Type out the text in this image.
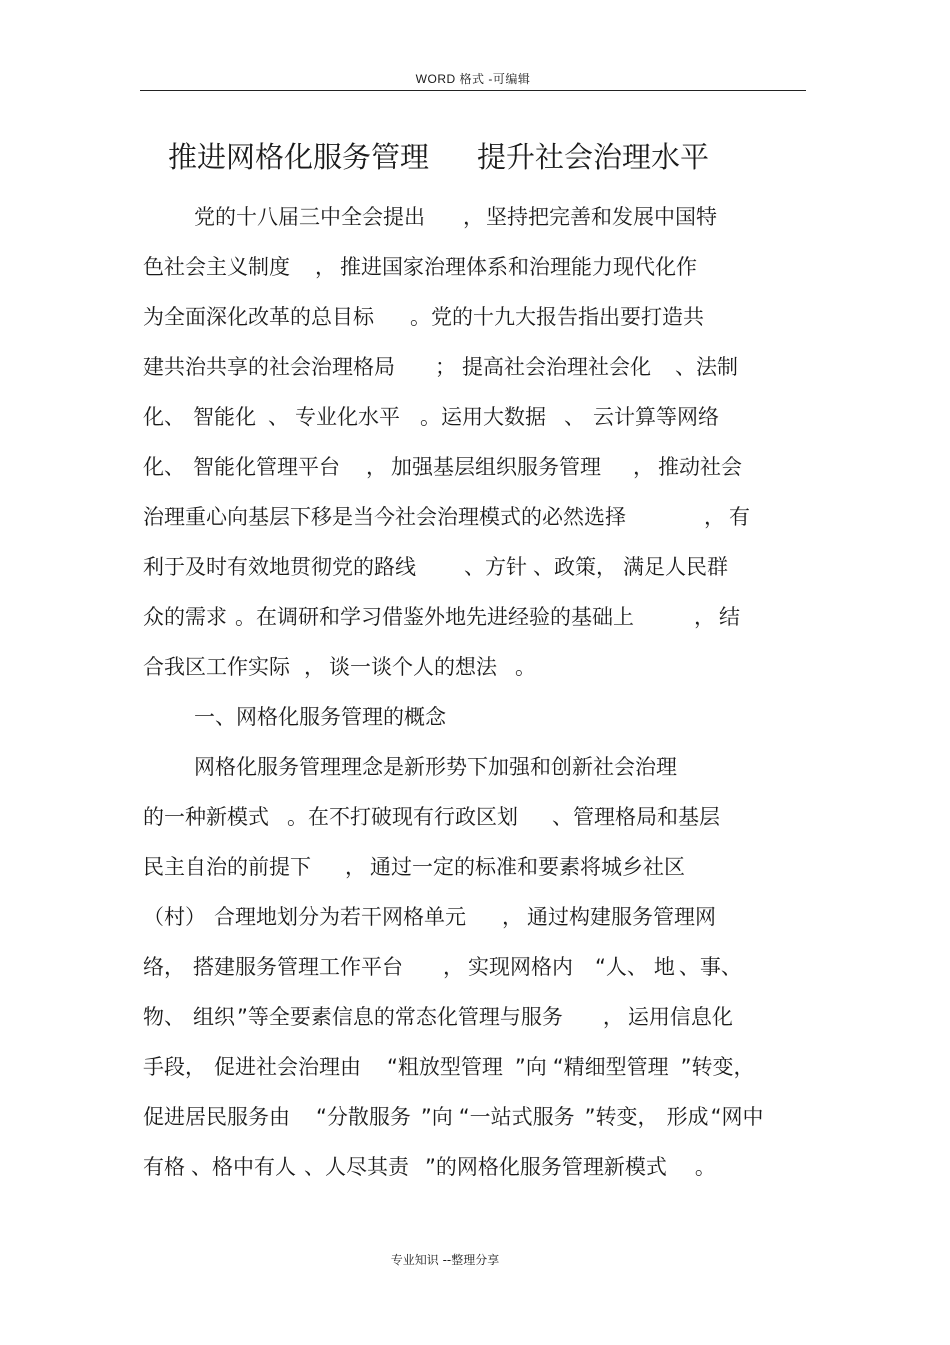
WORD 格式 -可编辑
推进网格化服务管理 提升社会治理水平
党的十八届三中全会提出 ，坚持把完善和发展中国特
色社会主义制度 ， 推进国家治理体系和治理能力现代化作
为全面深化改革的总目标 。党的十九大报告指出要打造共
建共治共享的社会治理格局 ； 提高社会治理社会化 、法制
化、 智能化 、 专业化水平 。运用大数据 、 云计算等网络
化、 智能化管理平台 ， 加强基层组织服务管理 ， 推动社会
治理重心向基层下移是当今社会治理模式的必然选择	， 有
利于及时有效地贯彻党的路线 、方针 、政策， 满足人民群
众的需求 。在调研和学习借鉴外地先进经验的基础上	， 结
合我区工作实际 ， 谈一谈个人的想法 。
一、网格化服务管理的概念
网格化服务管理理念是新形势下加强和创新社会治理
的一种新模式 。在不打破现有行政区划 、管理格局和基层
民主自治的前提下 ， 通过一定的标准和要素将城乡社区
（村） 合理地划分为若干网格单元 ， 通过构建服务管理网
络， 搭建服务管理工作平台 ， 实现网格内 “人、 地 、事、
物、 组织”等全要素信息的常态化管理与服务 ， 运用信息化
手段， 促进社会治理由 “粗放型管理 ”向 “精细型管理 ”转变，
促进居民服务由 “分散服务 ”向 “一站式服务 ”转变， 形成“网中
有格 、格中有人 、人尽其责 ”的网格化服务管理新模式 。
专业知识 --整理分享
